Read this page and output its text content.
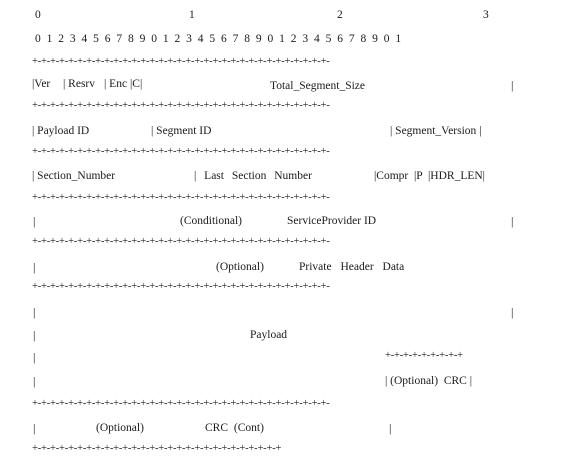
0	1	2	3
0 1 2 3 4 5 6 7 8 9 0 1 2 3 4 5 6 7 8 9 0 1 2 3 4 5 6 7 8 9 0 1
+-+-+-+-+-+-+-+-+-+-+-+-+-+-+-+-+-+-+-+-+-+-+-+-+-+-+-+-+-+-+-+-+-
+-+-+-+-+-+-+-+-+-+-+-+-+-+-+-+-+-+-+-+-+-+-+-+-+-+-+-+-+-+-+-+-+-
+-+-+-+-+-+-+-+-+-+-+-+-+-+-+-+-+-+-+-+-+-+-+-+-+-+-+-+-+-+-+-+-+-
+-+-+-+-+-+-+-+-+-+-+-+-+-+-+-+-+-+-+-+-+-+-+-+-+-+-+-+-+-+-+-+-+-
+-+-+-+-+-+-+-+-+-+-+-+-+-+-+-+-+-+-+-+-+-+-+-+-+-+-+-+-+-+-+-+-+-
+-+-+-+-+-+-+-+-+-+-+-+-+-+-+-+-+-+-+-+-+-+-+-+-+-+-+-+-+-+-+-+-+-
+-+-+-+-+-+-+-+-+
+-+-+-+-+-+-+-+-+-+-+-+-+-+-+-+-+-+-+-+-+-+-+-+-+-+-+-+-+-+-+-+-+-
+-+-+-+-+-+-+-+-+-+-+-+-+-+-+-+-+-+-+-+-+-+-+-+-+-+-+-+
|Ver | Resrv | Enc |C|	Total_Segment_Size	|
| Payload ID	| Segment ID	| Segment_Version |
| Section_Number	| Last Section Number	|Compr |P |HDR_LEN|
|	(Conditional)	ServiceProvider ID	|
|	(Optional)	Private Header Data
|	|
|	Payload
|
|	| (Optional)  CRC |
|	(Optional)	CRC (Cont)	|
